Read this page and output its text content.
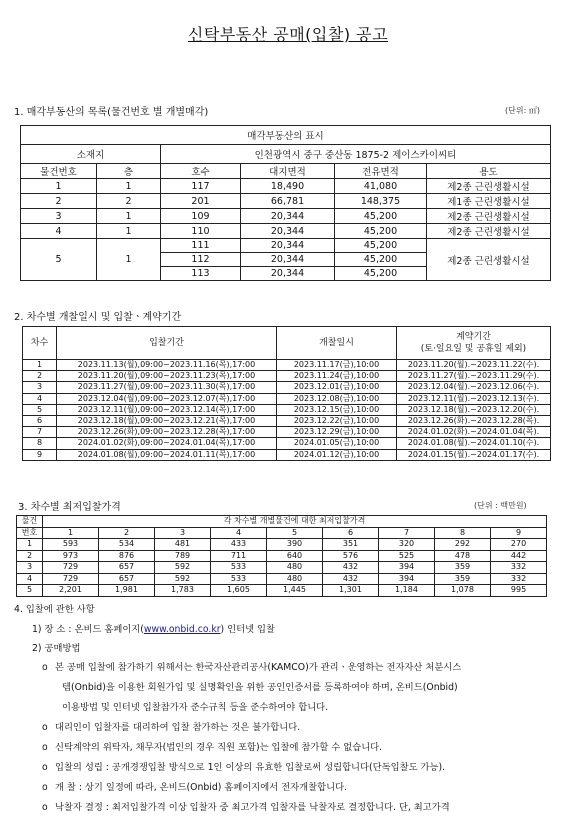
신탁부동산 공매(입찰) 공고
1. 매각부동산의 목록(물건번호 별 개별매각)	(단위: ㎡)
매각부동산의 표시					
소재지		인천광역시 중구 중산동 1875-2 제이스카이씨티			
물건번호	층	호수	대지면적	전유면적	용도
1	1	117	18,490	41,080	제2종 근린생활시설
2	2	201	66,781	148,375	제1종 근린생활시설
3	1	109	20,344	45,200	제2종 근린생활시설
4	1	110	20,344	45,200	제2종 근린생활시설
5	1	111	20,344	45,200	제2종 근린생활시설
		112	20,344	45,200	
		113	20,344	45,200	
2. 차수별 개찰일시 및 입찰ㆍ계약기간
차수	입찰기간	개찰일시	계약기간
(토·일요일 및 공휴일 제외)

1	2023.11.13(월),09:00~2023.11.16(목),17:00	2023.11.17(금),10:00	2023.11.20(월).~2023.11.22(수).
2	2023.11.20(월),09:00~2023.11.23(목),17:00	2023.11.24(금),10:00	2023.11.27(월).~2023.11.29(수).
3	2023.11.27(월),09:00~2023.11.30(목),17:00	2023.12.01(금),10:00	2023.12.04(월).~2023.12.06(수).
4	2023.12.04(월),09:00~2023.12.07(목),17:00	2023.12.08(금),10:00	2023.12.11(월).~2023.12.13(수).
5	2023.12.11(월),09:00~2023.12.14(목),17:00	2023.12.15(금),10:00	2023.12.18(월).~2023.12.20(수).
6	2023.12.18(월),09:00~2023.12.21(목),17:00	2023.12.22(금),10:00	2023.12.26(화).~2023.12.28(목).
7	2023.12.26(화),09:00~2023.12.28(목),17:00	2023.12.29(금),10:00	2024.01.02(화).~2024.01.04(목).
8	2024.01.02(화),09:00~2024.01.04(목),17:00	2024.01.05(금),10:00	2024.01.08(월).~2024.01.10(수).
9	2024.01.08(월),09:00~2024.01.11(목),17:00	2024.01.12(금),10:00	2024.01.15(월).~2024.01.17(수).
3. 차수별 최저입찰가격	(단위 : 백만원)
물건	각 차수별 개별물건에 대한 최저입찰가격								
번호	1	2	3	4	5	6	7	8	9
1	593	534	481	433	390	351	320	292	270
2	973	876	789	711	640	576	525	478	442
3	729	657	592	533	480	432	394	359	332
4	729	657	592	533	480	432	394	359	332
5	2,201	1,981	1,783	1,605	1,445	1,301	1,184	1,078	995
4. 입찰에 관한 사항
1) 장 소 : 온비드 홈페이지(www.onbid.co.kr) 인터넷 입찰
2) 공매방법
o 본 공매 입찰에 참가하기 위해서는 한국자산관리공사(KAMCO)가 관리ㆍ운영하는 전자자산 처분시스
템(Onbid)을 이용한 회원가입 및 실명확인을 위한 공인인증서를 등록하여야 하며, 온비드(Onbid)
이용방법 및 인터넷 입찰참가자 준수규칙 등을 준수하여야 합니다.
o 대리인이 입찰자를 대리하여 입찰 참가하는 것은 불가합니다.
o 신탁계약의 위탁자, 채무자(법인의 경우 직원 포함)는 입찰에 참가할 수 없습니다.
o 입찰의 성립 : 공개경쟁입찰 방식으로 1인 이상의 유효한 입찰로써 성립합니다(단독입찰도 가능).
o 개 찰 : 상기 일정에 따라, 온비드(Onbid) 홈페이지에서 전자개찰합니다.
o 낙찰자 결정 : 최저입찰가격 이상 입찰자 중 최고가격 입찰자를 낙찰자로 결정합니다. 단, 최고가격
